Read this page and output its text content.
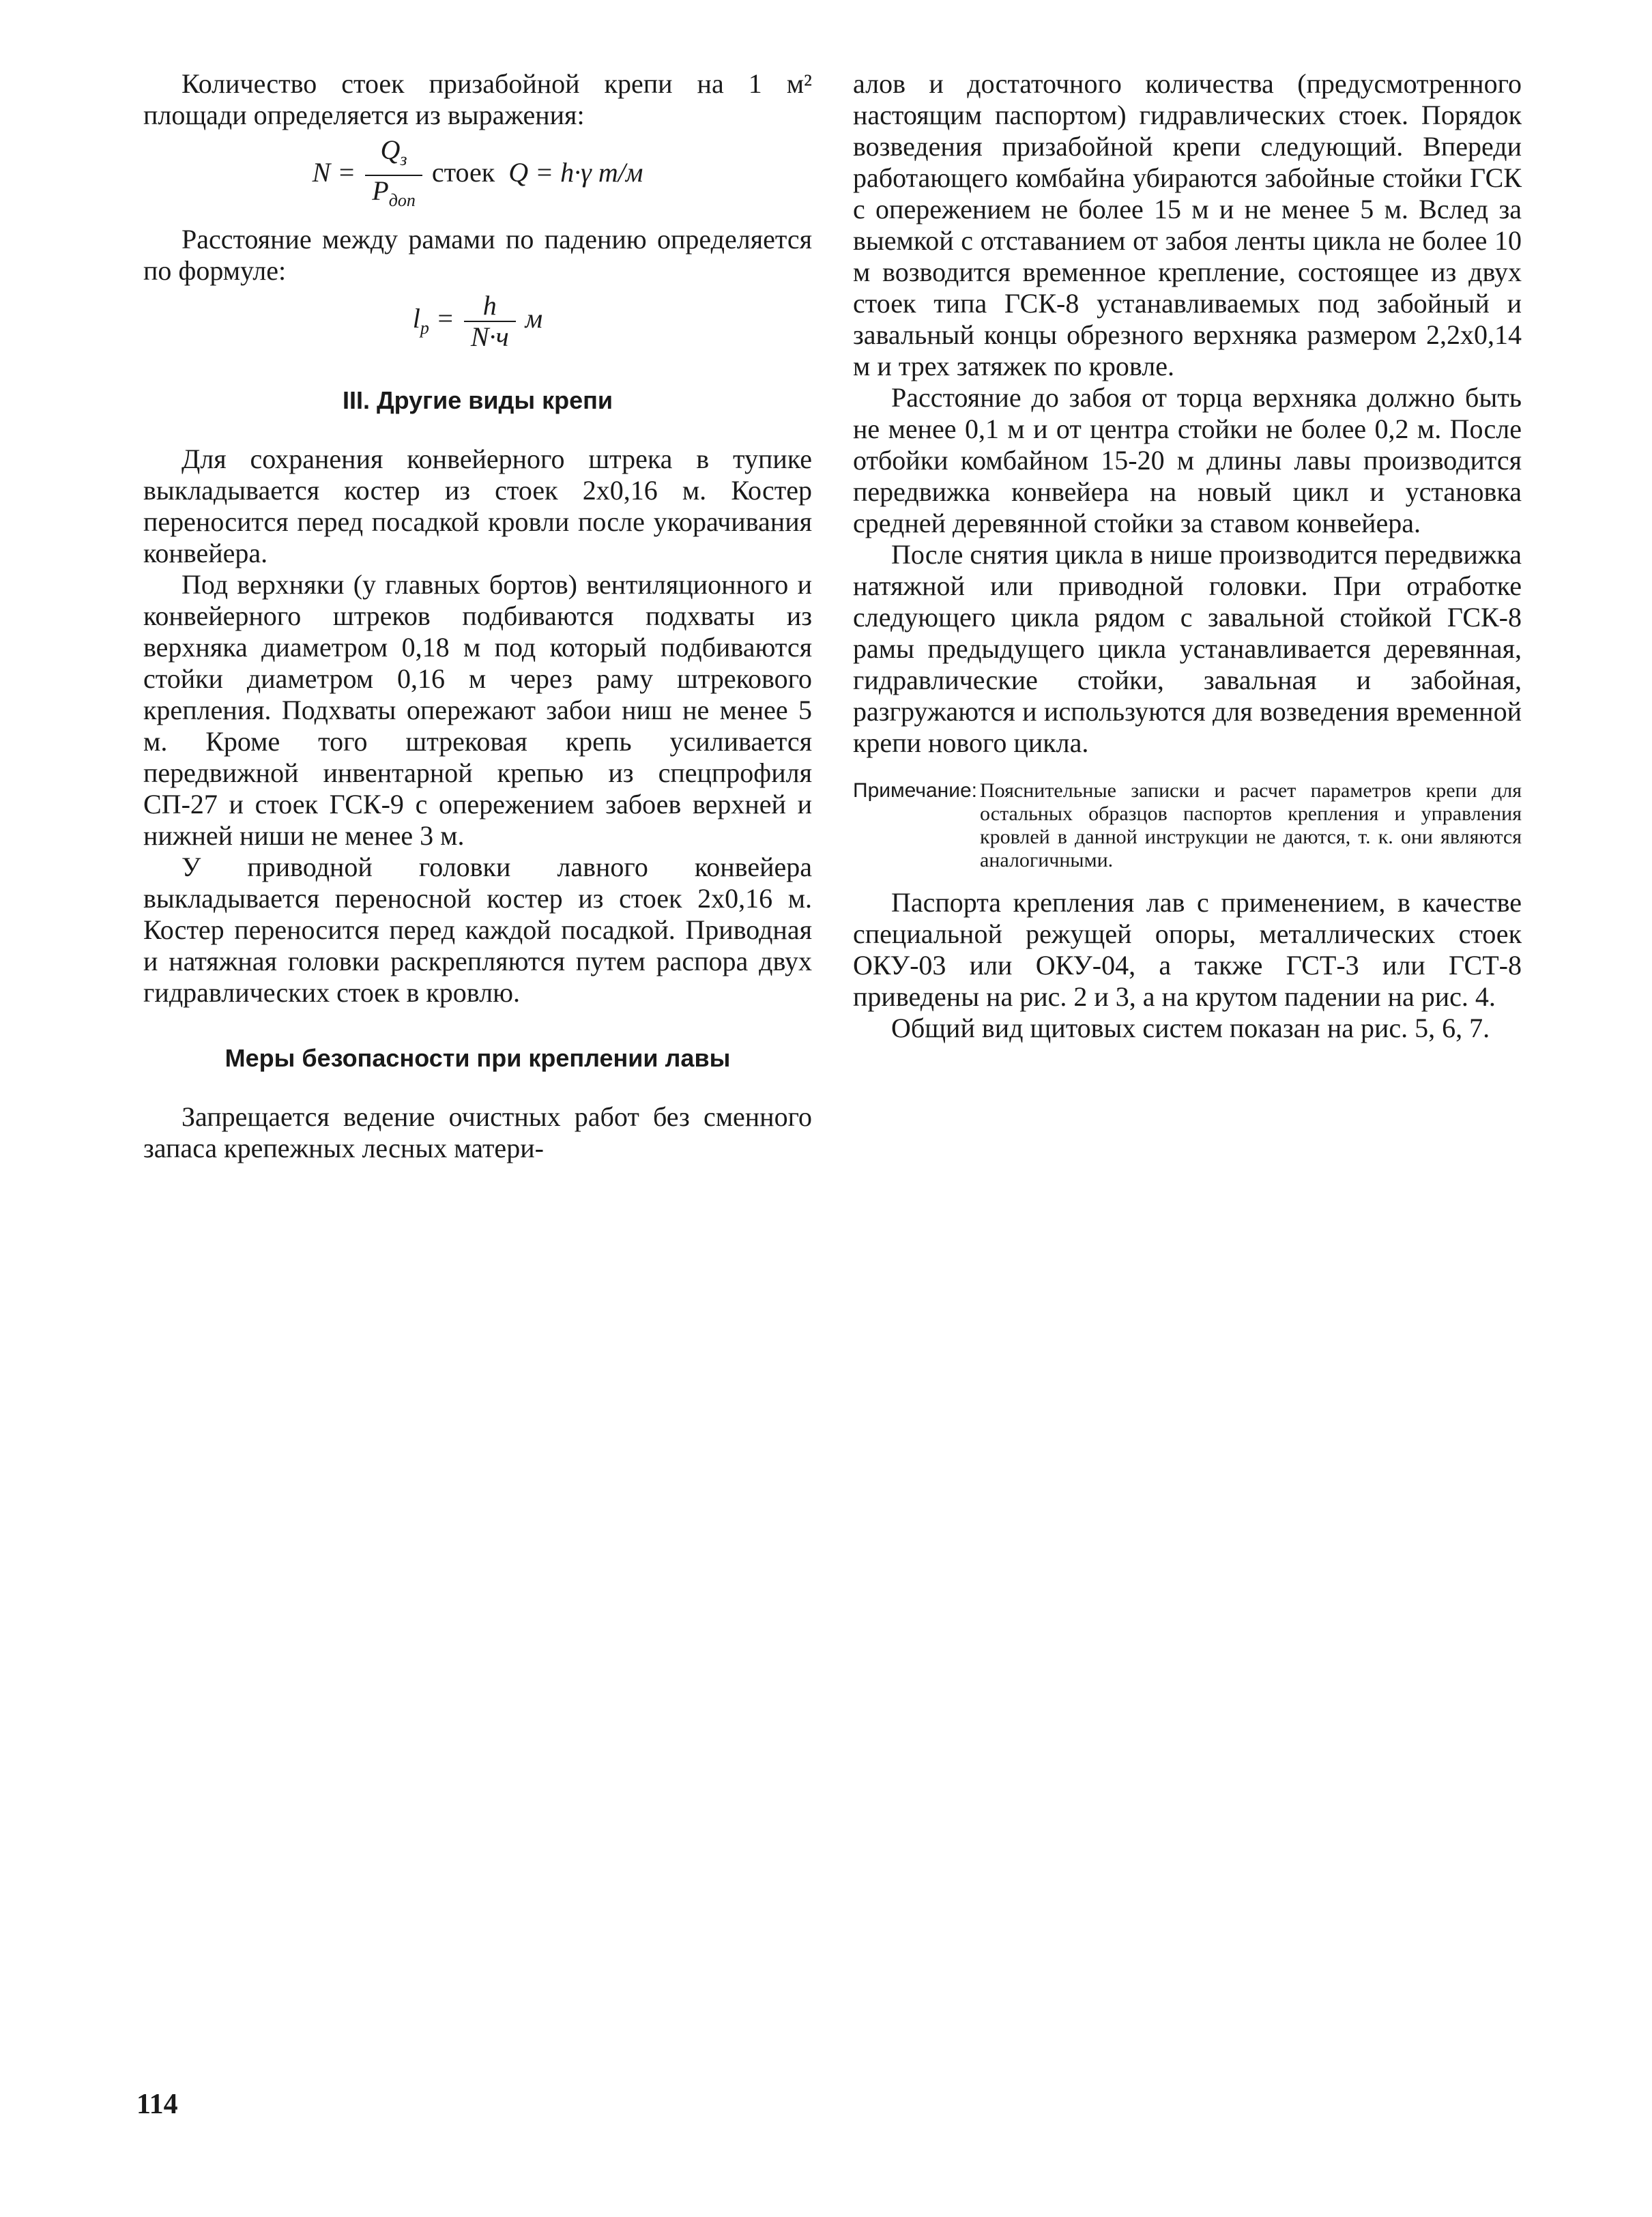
Количество стоек призабойной крепи на 1 м² площади определяется из выражения:

$N = \frac{Q_з}{P_{доп}}$ стоек Q = h·γ т/м

Расстояние между рамами по падению определяется по формуле:

$l_р = \frac{h}{N\cdot ч}$ м

III. Другие виды крепи

Для сохранения конвейерного штрека в тупике выкладывается костер из стоек 2х0,16 м. Костер переносится перед посадкой кровли после укорачивания конвейера.

Под верхняки (у главных бортов) вентиляционного и конвейерного штреков подбиваются подхваты из верхняка диаметром 0,18 м под который подбиваются стойки диаметром 0,16 м через раму штрекового крепления. Подхваты опережают забои ниш не менее 5 м. Кроме того штрековая крепь усиливается передвижной инвентарной крепью из спецпрофиля СП-27 и стоек ГСК-9 с опережением забоев верхней и нижней ниши не менее 3 м.

У приводной головки лавного конвейера выкладывается переносной костер из стоек 2х0,16 м. Костер переносится перед каждой посадкой. Приводная и натяжная головки раскрепляются путем распора двух гидравлических стоек в кровлю.

Меры безопасности при креплении лавы

Запрещается ведение очистных работ без сменного запаса крепежных лесных матери-

алов и достаточного количества (предусмотренного настоящим паспортом) гидравлических стоек. Порядок возведения призабойной крепи следующий. Впереди работающего комбайна убираются забойные стойки ГСК с опережением не более 15 м и не менее 5 м. Вслед за выемкой с отставанием от забоя ленты цикла не более 10 м возводится временное крепление, состоящее из двух стоек типа ГСК-8 устанавливаемых под забойный и завальный концы обрезного верхняка размером 2,2х0,14 м и трех затяжек по кровле.

Расстояние до забоя от торца верхняка должно быть не менее 0,1 м и от центра стойки не более 0,2 м. После отбойки комбайном 15-20 м длины лавы производится передвижка конвейера на новый цикл и установка средней деревянной стойки за ставом конвейера.

После снятия цикла в нише производится передвижка натяжной или приводной головки. При отработке следующего цикла рядом с завальной стойкой ГСК-8 рамы предыдущего цикла устанавливается деревянная, гидравлические стойки, завальная и забойная, разгружаются и используются для возведения временной крепи нового цикла.

Примечание: Пояснительные записки и расчет параметров крепи для остальных образцов паспортов крепления и управления кровлей в данной инструкции не даются, т. к. они являются аналогичными.

Паспорта крепления лав с применением, в качестве специальной режущей опоры, металлических стоек ОКУ-03 или ОКУ-04, а также ГСТ-3 или ГСТ-8 приведены на рис. 2 и 3, а на крутом падении на рис. 4.

Общий вид щитовых систем показан на рис. 5, 6, 7.

114
